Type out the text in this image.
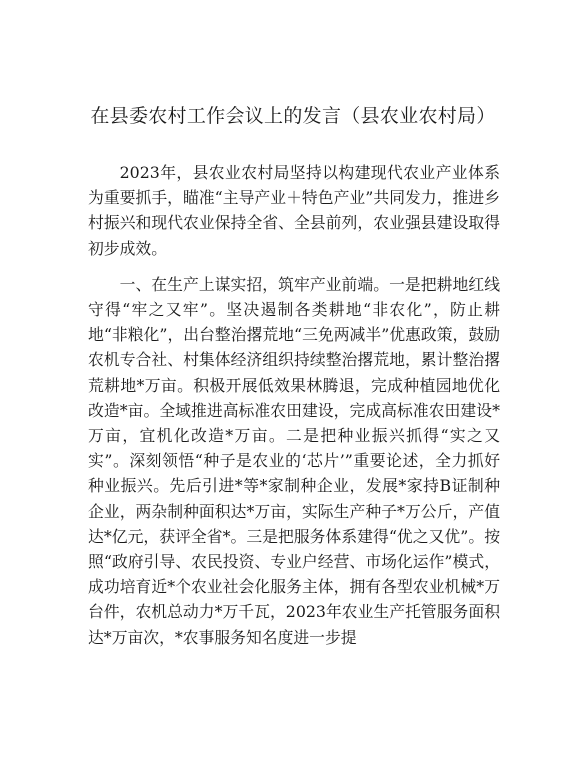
在县委农村工作会议上的发言（县农业农村局）

2023年，县农业农村局坚持以构建现代农业产业体系为重要抓手，瞄准“主导产业＋特色产业”共同发力，推进乡村振兴和现代农业保持全省、全县前列，农业强县建设取得初步成效。

一、在生产上谋实招，筑牢产业前端。一是把耕地红线守得“牢之又牢”。坚决遏制各类耕地“非农化”，防止耕地“非粮化”，出台整治撂荒地“三免两减半”优惠政策，鼓励农机专合社、村集体经济组织持续整治撂荒地，累计整治撂荒耕地*万亩。积极开展低效果林腾退，完成种植园地优化改造*亩。全域推进高标准农田建设，完成高标准农田建设*万亩，宜机化改造*万亩。二是把种业振兴抓得“实之又实”。深刻领悟“种子是农业的‘芯片’”重要论述，全力抓好种业振兴。先后引进*等*家制种企业，发展*家持B证制种企业，两杂制种面积达*万亩，实际生产种子*万公斤，产值达*亿元，获评全省*。三是把服务体系建得“优之又优”。按照“政府引导、农民投资、专业户经营、市场化运作”模式，成功培育近*个农业社会化服务主体，拥有各型农业机械*万台件，农机总动力*万千瓦，2023年农业生产托管服务面积达*万亩次，*农事服务知名度进一步提
